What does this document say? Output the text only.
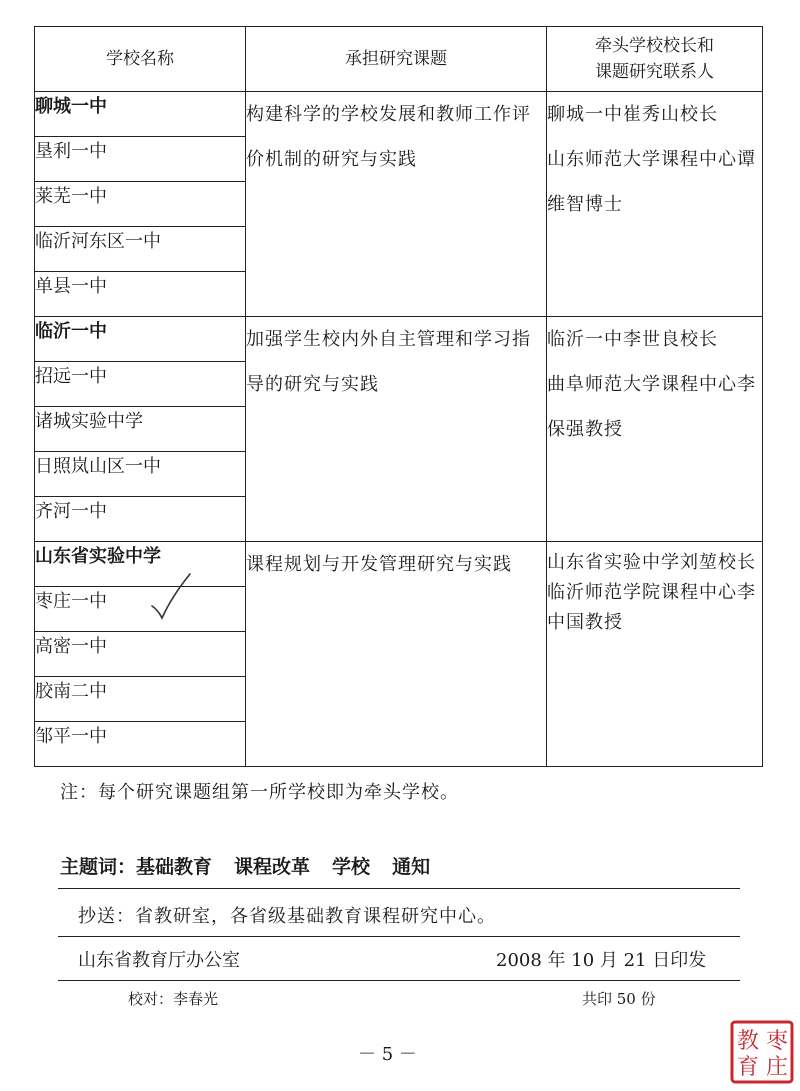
学校名称	承担研究课题	牵头学校校长和
课题研究联系人
聊城一中	构建科学的学校发展和教师工作评价机制的研究与实践	聊城一中崔秀山校长
山东师范大学课程中心谭维智博士

垦利一中		
莱芜一中		
临沂河东区一中		
单县一中		
临沂一中	加强学生校内外自主管理和学习指导的研究与实践	临沂一中李世良校长
曲阜师范大学课程中心李保强教授

招远一中		
诸城实验中学		
日照岚山区一中		
齐河一中		
山东省实验中学	课程规划与开发管理研究与实践	山东省实验中学刘堃校长
临沂师范学院课程中心李中国教授

枣庄一中		
高密一中		
胶南二中		
邹平一中		
注：每个研究课题组第一所学校即为牵头学校。
主题词：基础教育 课程改革 学校 通知
抄送：省教研室，各省级基础教育课程研究中心。
山东省教育厅办公室	2008 年 10 月 21 日印发
校对：李春光	共印 50 份
－ 5 －
枣
庄
教
育
